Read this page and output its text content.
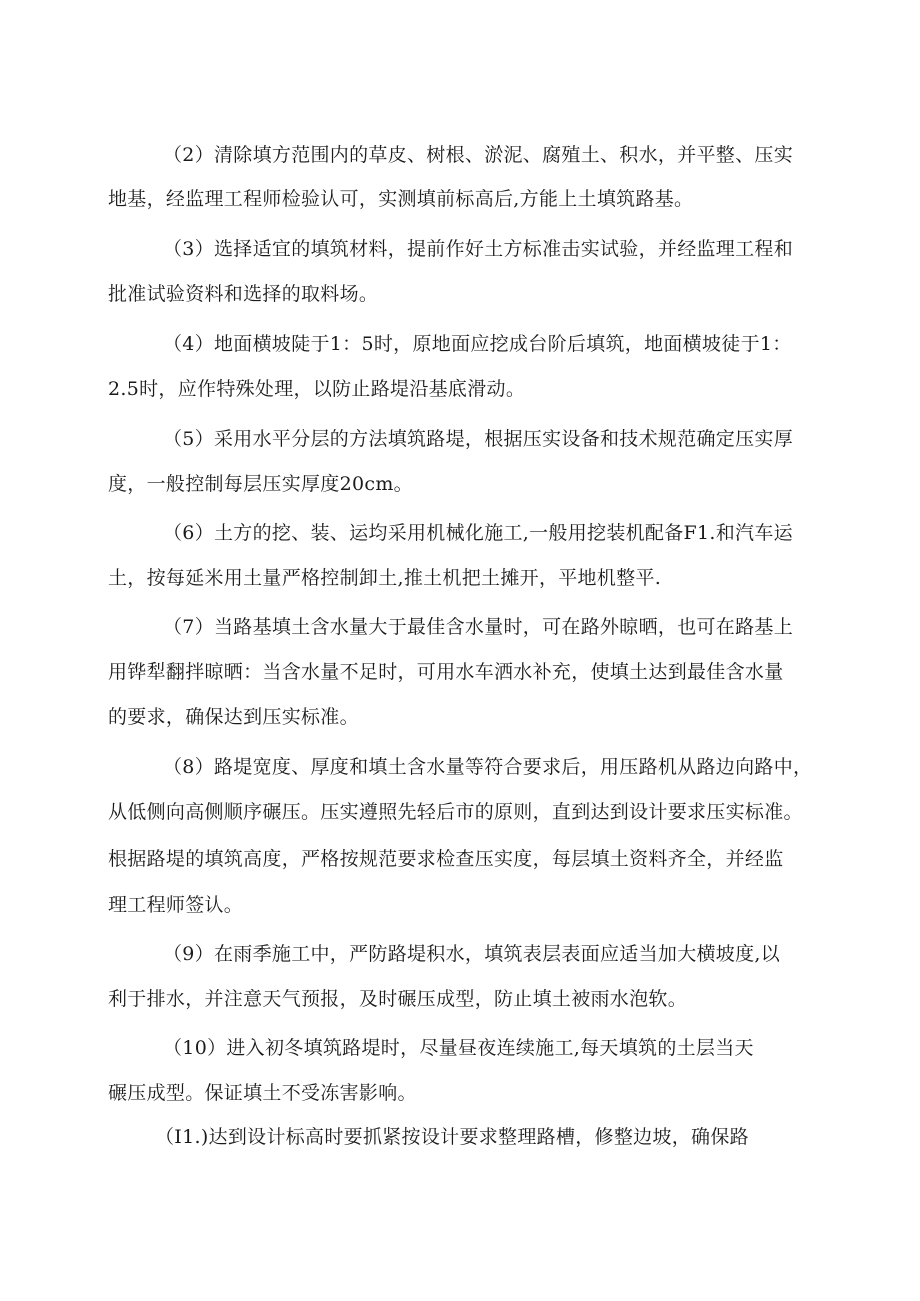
（2）清除填方范围内的草皮、树根、淤泥、腐殖土、积水，并平整、压实
地基，经监理工程师检验认可，实测填前标高后,方能上土填筑路基。
（3）选择适宜的填筑材料，提前作好土方标准击实试验，并经监理工程和
批准试验资料和选择的取料场。
（4）地面横坡陡于1：5时，原地面应挖成台阶后填筑，地面横坡徒于1：
2.5时，应作特殊处理，以防止路堤沿基底滑动。
（5）采用水平分层的方法填筑路堤，根据压实设备和技术规范确定压实厚
度，一般控制每层压实厚度20cm。
（6）土方的挖、装、运均采用机械化施工,一般用挖装机配备F1.和汽车运
土，按每延米用土量严格控制卸土,推土机把土摊开，平地机整平.
（7）当路基填土含水量大于最佳含水量时，可在路外晾晒，也可在路基上
用铧犁翻拌晾晒：当含水量不足时，可用水车洒水补充，使填土达到最佳含水量
的要求，确保达到压实标准。
（8）路堤宽度、厚度和填土含水量等符合要求后，用压路机从路边向路中，
从低侧向高侧顺序碾压。压实遵照先轻后市的原则，直到达到设计要求压实标准。
根据路堤的填筑高度，严格按规范要求检查压实度，每层填土资料齐全，并经监
理工程师签认。
（9）在雨季施工中，严防路堤积水，填筑表层表面应适当加大横坡度,以
利于排水，并注意天气预报，及时碾压成型，防止填土被雨水泡软。
（10）进入初冬填筑路堤时，尽量昼夜连续施工,每天填筑的土层当天
碾压成型。保证填土不受冻害影响。
（I1.)达到设计标高时要抓紧按设计要求整理路槽，修整边坡，确保路
